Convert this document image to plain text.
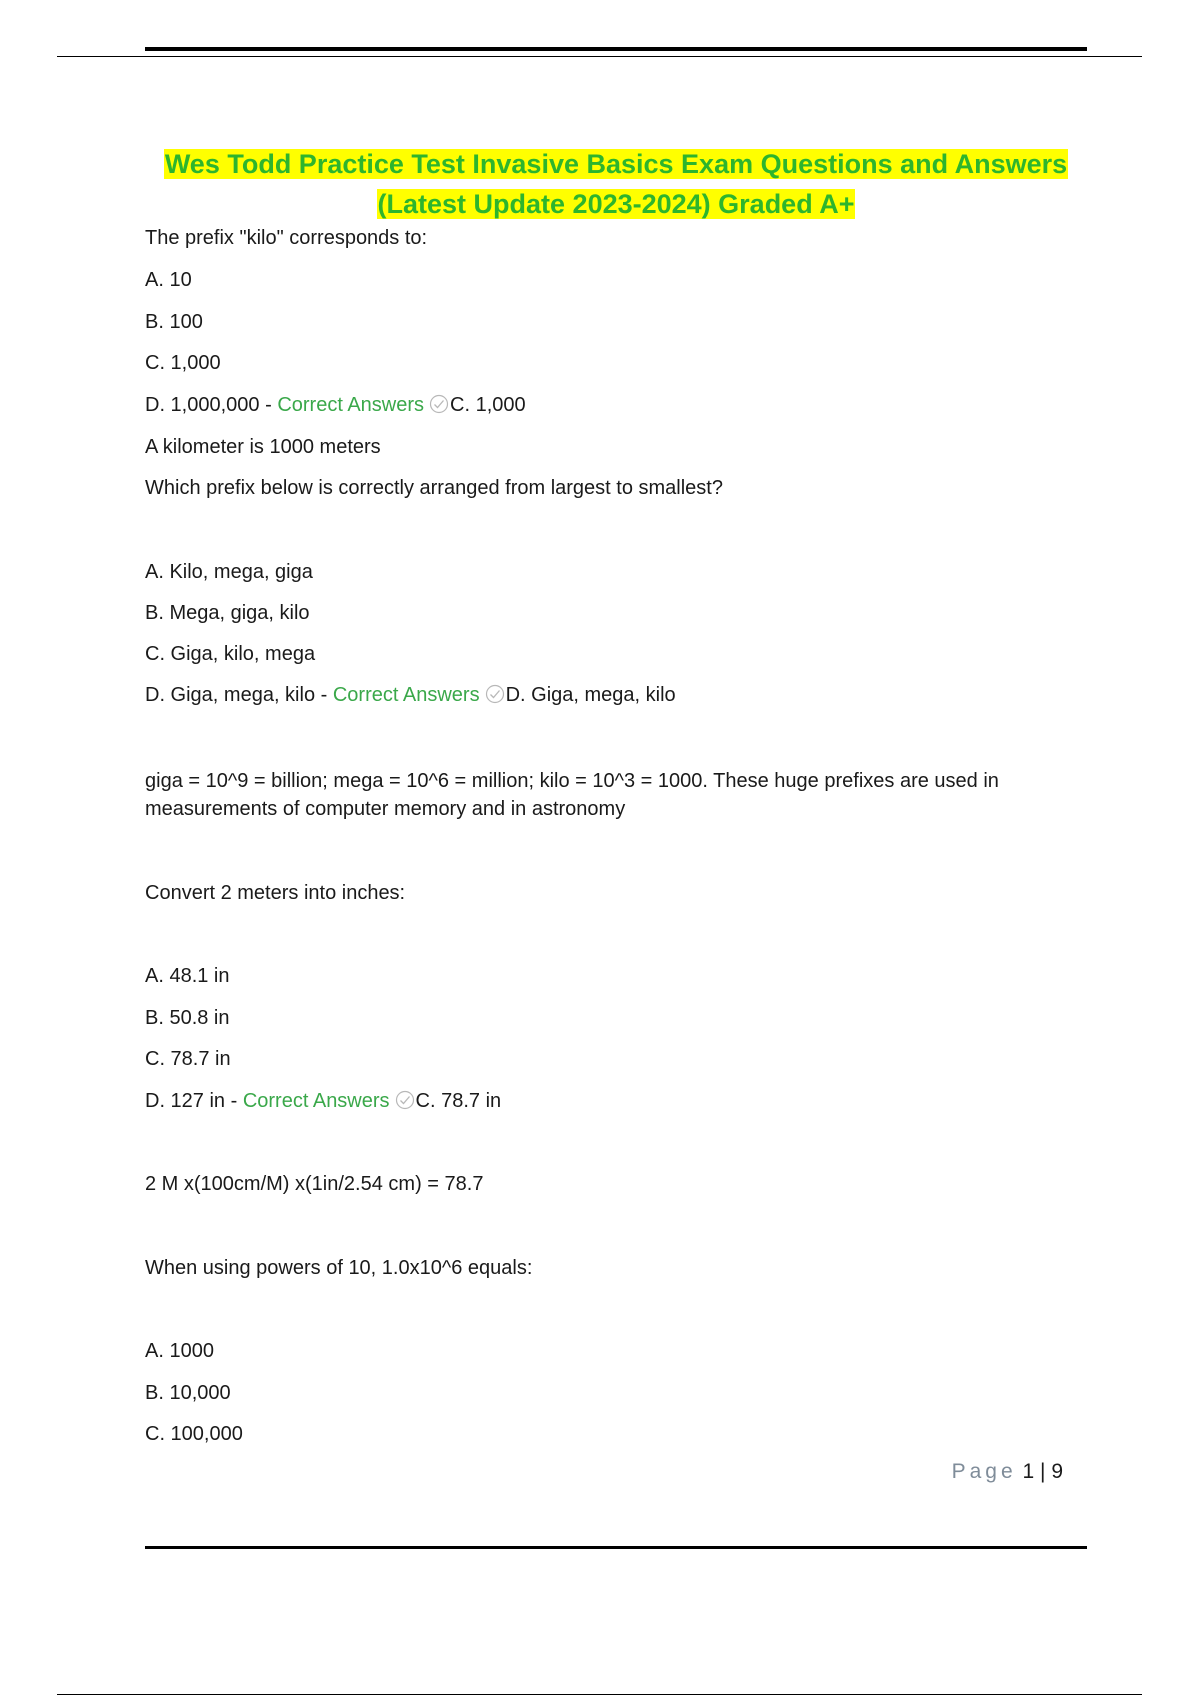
Wes Todd Practice Test Invasive Basics Exam Questions and Answers
(Latest Update 2023-2024) Graded A+

The prefix "kilo" corresponds to:

A. 10

B. 100

C. 1,000

D. 1,000,000 - Correct Answers C. 1,000

A kilometer is 1000 meters

Which prefix below is correctly arranged from largest to smallest?

A. Kilo, mega, giga

B. Mega, giga, kilo

C. Giga, kilo, mega

D. Giga, mega, kilo - Correct Answers D. Giga, mega, kilo

giga = 10^9 = billion; mega = 10^6 = million; kilo = 10^3 = 1000. These huge prefixes are used in measurements of computer memory and in astronomy

Convert 2 meters into inches:

A. 48.1 in

B. 50.8 in

C. 78.7 in

D. 127 in - Correct Answers C. 78.7 in

2 M x(100cm/M) x(1in/2.54 cm) = 78.7

When using powers of 10, 1.0x10^6 equals:

A. 1000

B. 10,000

C. 100,000

Page 1 | 9
